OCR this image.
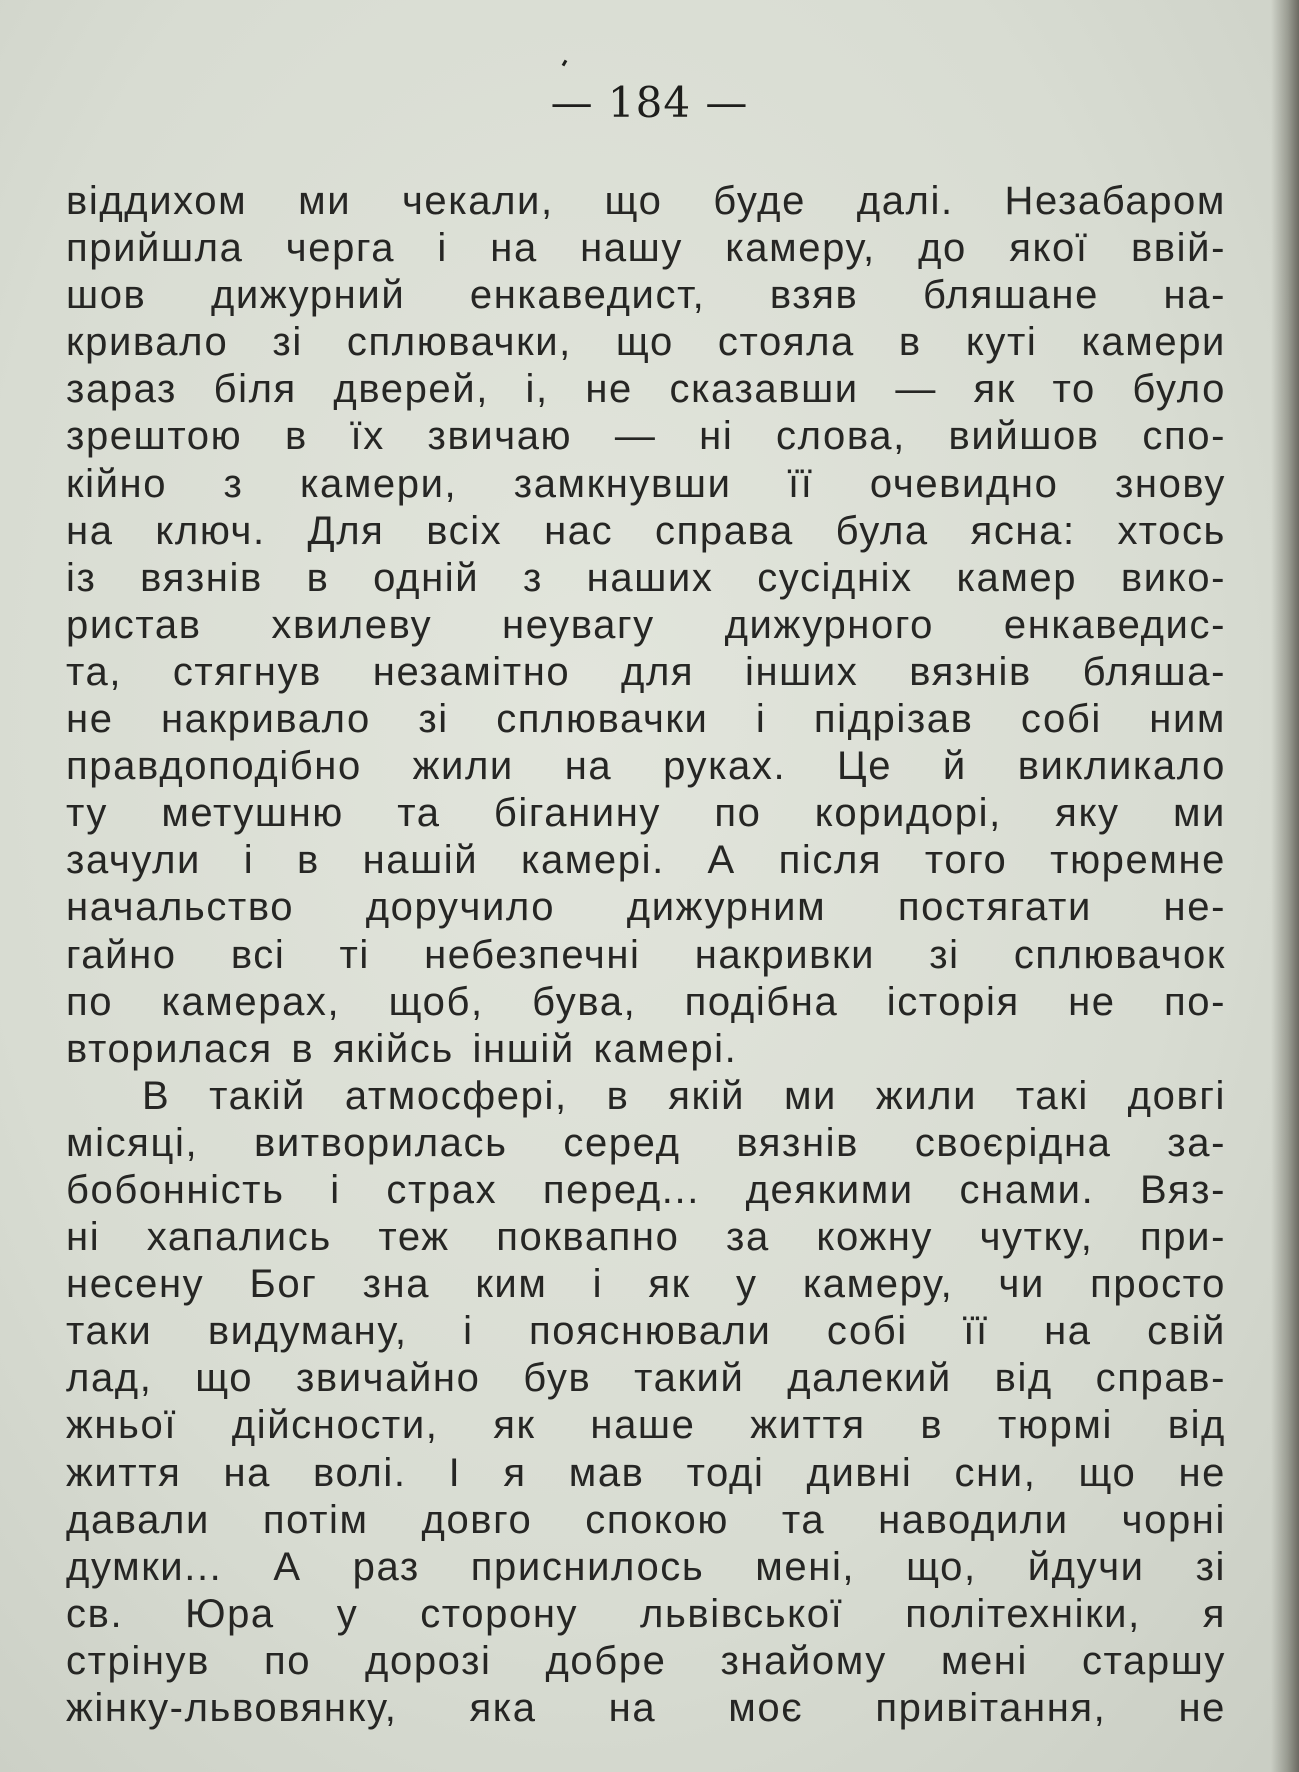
— 184 —
віддихом ми чекали, що буде далі. Незабаром
прийшла черга і на нашу камеру, до якої ввій-
шов дижурний енкаведист, взяв бляшане на-
кривало зі сплювачки, що стояла в куті камери
зараз біля дверей, і, не сказавши — як то було
зрештою в їх звичаю — ні слова, вийшов спо-
кійно з камери, замкнувши її очевидно знову
на ключ. Для всіх нас справа була ясна: хтось
із вязнів в одній з наших сусідніх камер вико-
ристав хвилеву неувагу дижурного енкаведис-
та, стягнув незамітно для інших вязнів бляша-
не накривало зі сплювачки і підрізав собі ним
правдоподібно жили на руках. Це й викликало
ту метушню та біганину по коридорі, яку ми
зачули і в нашій камері. А після того тюремне
начальство доручило дижурним постягати не-
гайно всі ті небезпечні накривки зі сплювачок
по камерах, щоб, бува, подібна історія не по-
вторилася в якійсь іншій камері.
В такій атмосфері, в якій ми жили такі довгі
місяці, витворилась серед вязнів своєрідна за-
бобонність і страх перед... деякими снами. Вяз-
ні хапались теж поквапно за кожну чутку, при-
несену Бог зна ким і як у камеру, чи просто
таки видуману, і пояснювали собі її на свій
лад, що звичайно був такий далекий від справ-
жньої дійсности, як наше життя в тюрмі від
життя на волі. І я мав тоді дивні сни, що не
давали потім довго спокою та наводили чорні
думки... А раз приснилось мені, що, йдучи зі
св. Юра у сторону львівської політехніки, я
стрінув по дорозі добре знайому мені старшу
жінку-львовянку, яка на моє привітання, не
